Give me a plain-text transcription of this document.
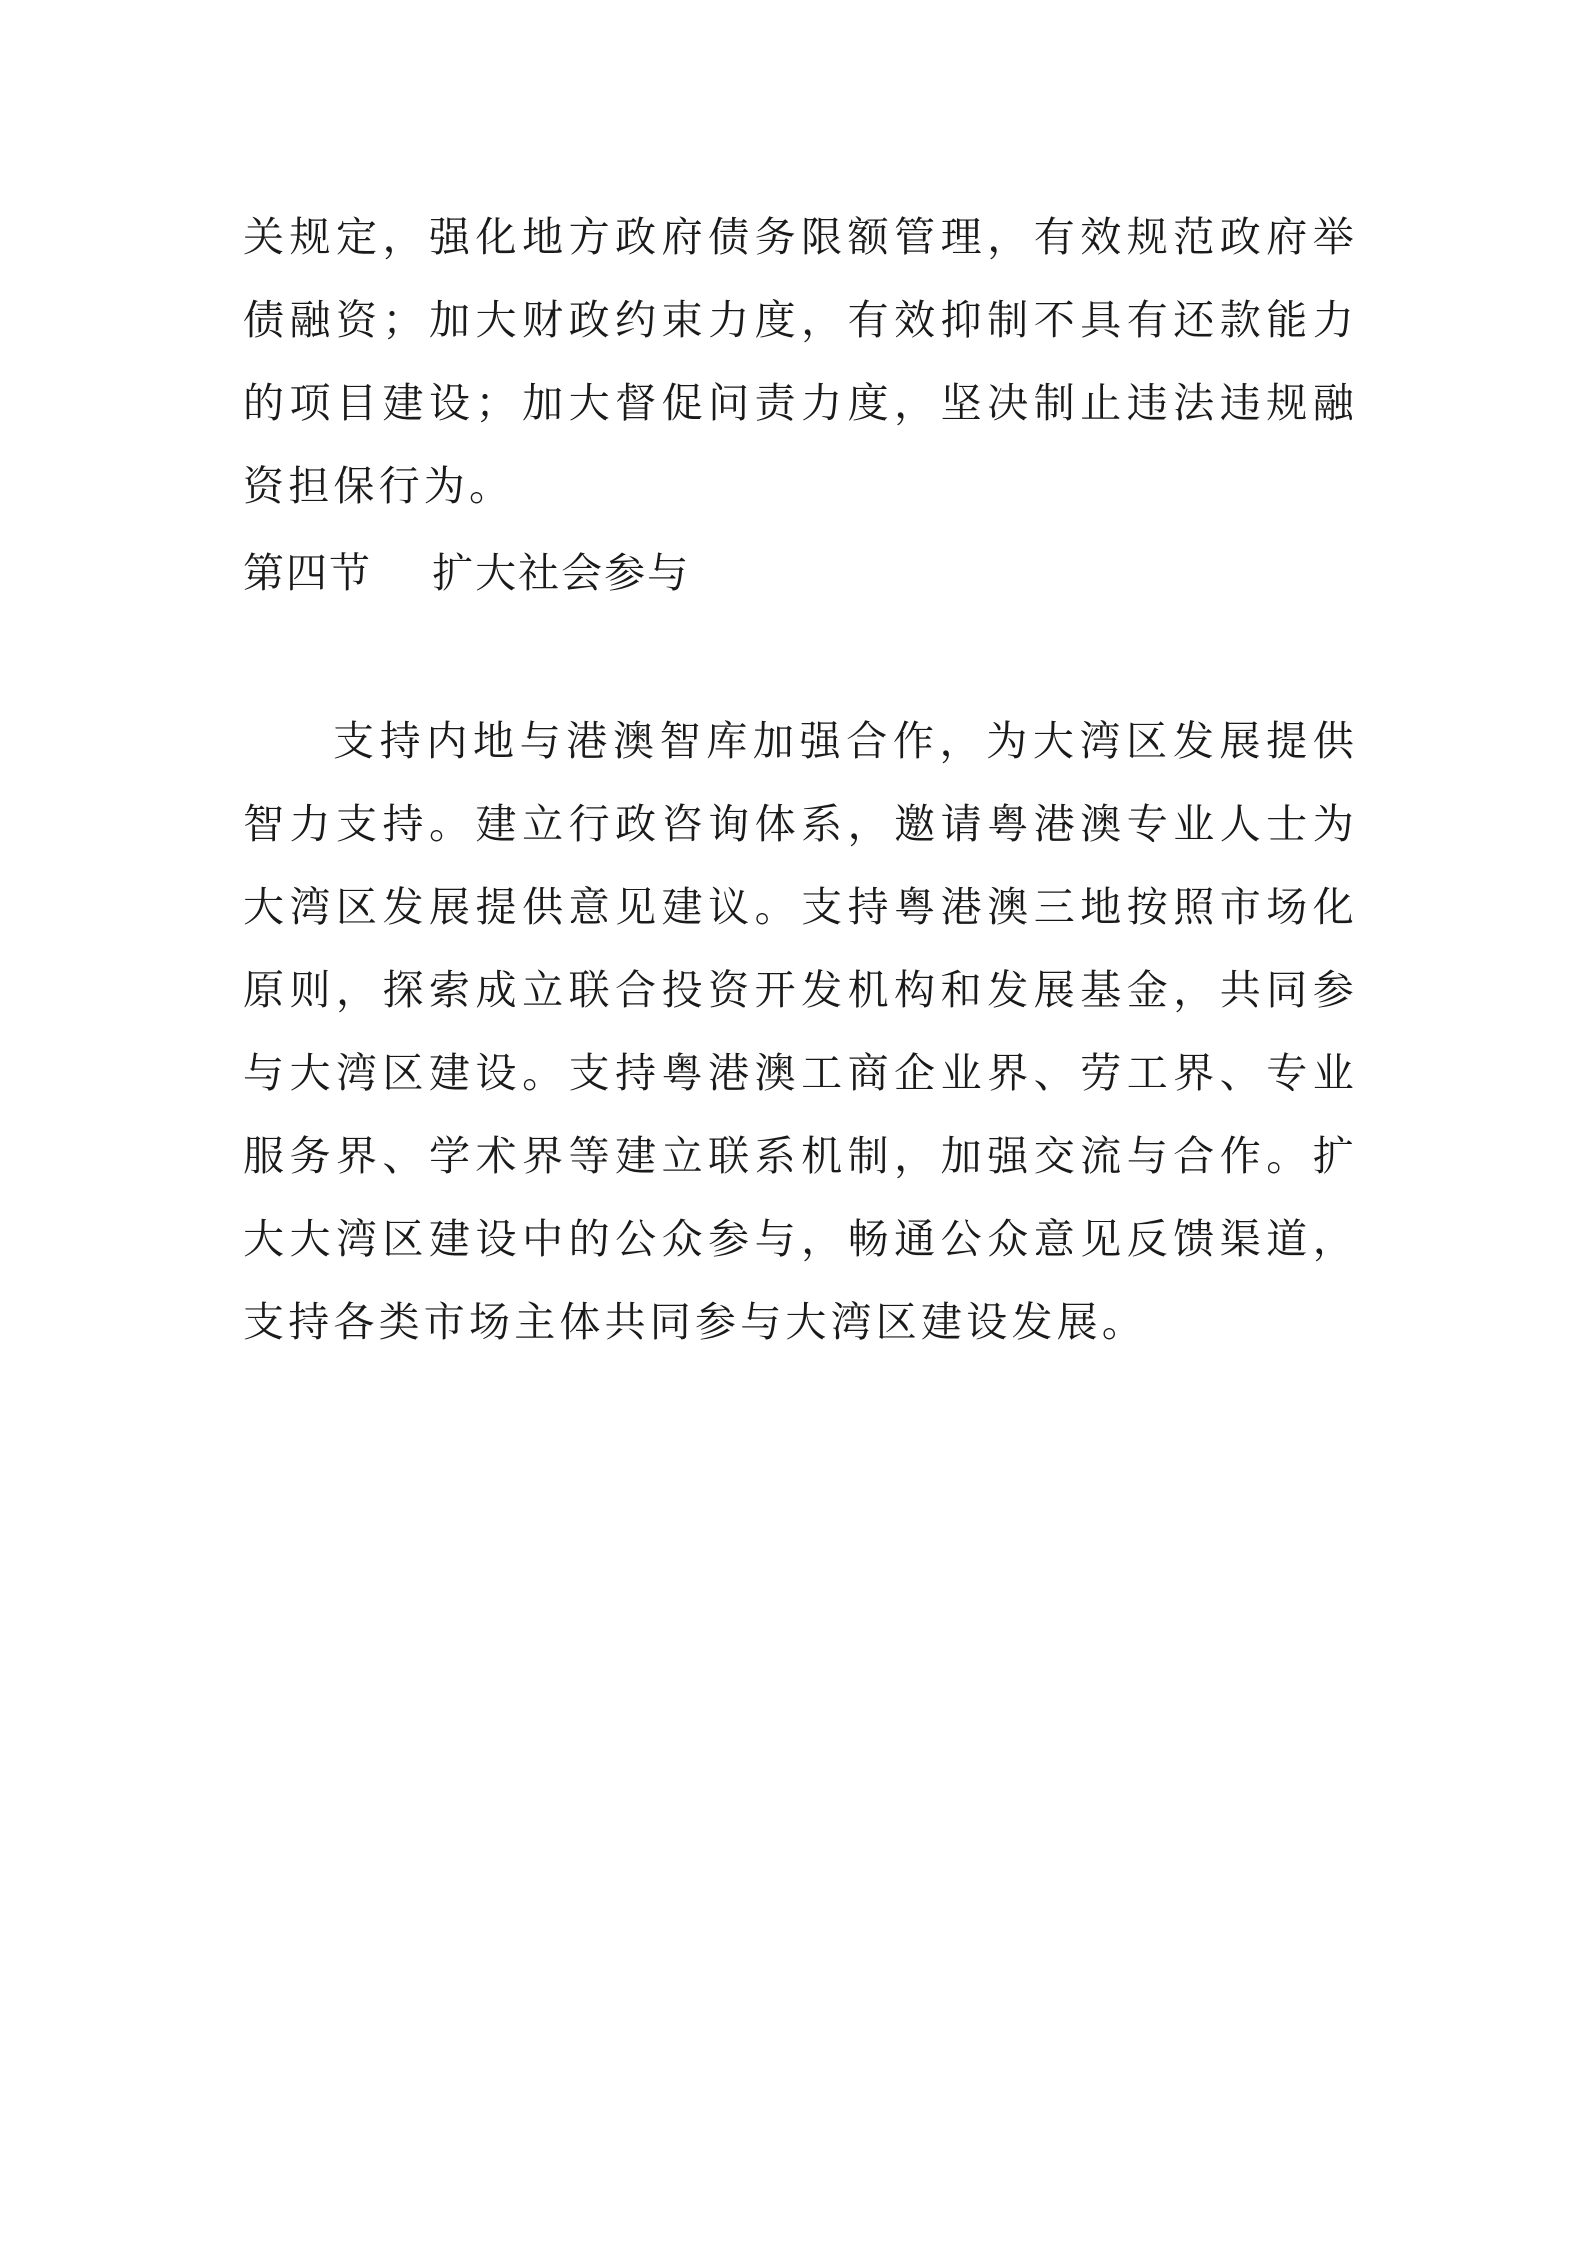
关规定，强化地方政府债务限额管理，有效规范政府举债融资；加大财政约束力度，有效抑制不具有还款能力的项目建设；加大督促问责力度，坚决制止违法违规融资担保行为。

第四节 扩大社会参与

支持内地与港澳智库加强合作，为大湾区发展提供智力支持。建立行政咨询体系，邀请粤港澳专业人士为大湾区发展提供意见建议。支持粤港澳三地按照市场化原则，探索成立联合投资开发机构和发展基金，共同参与大湾区建设。支持粤港澳工商企业界、劳工界、专业服务界、学术界等建立联系机制，加强交流与合作。扩大大湾区建设中的公众参与，畅通公众意见反馈渠道，支持各类市场主体共同参与大湾区建设发展。
